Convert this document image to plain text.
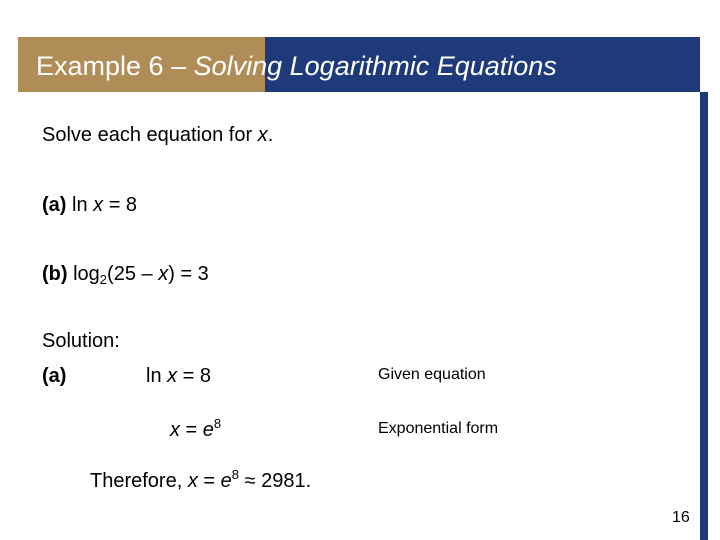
Example 6 – Solving Logarithmic Equations
Solve each equation for x.
(a) ln x = 8
(b) $\log_2(25 - x) = 3$
Solution:
(a)	ln x = 8	Given equation
$x = e^8$	Exponential form
Therefore, $x = e^8 \approx 2981$.
16
